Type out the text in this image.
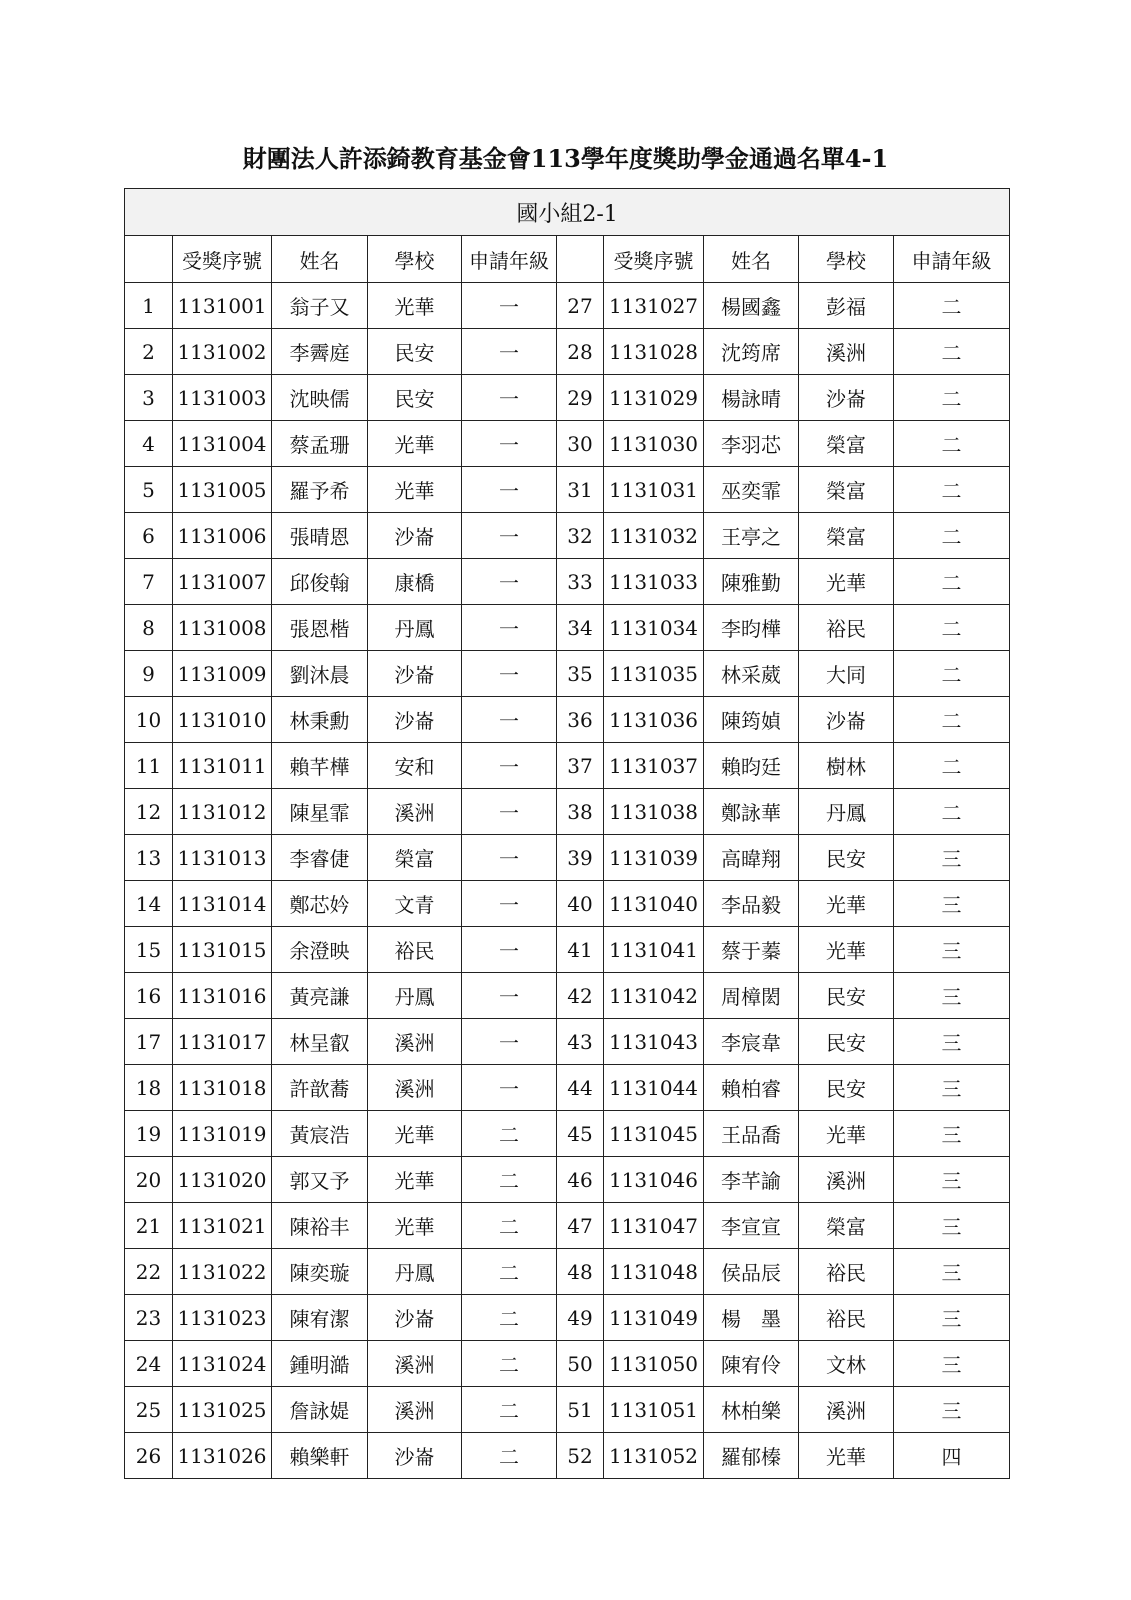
財團法人許添錡教育基金會113學年度獎助學金通過名單4-1
國小組2-1									
	受獎序號	姓名	學校	申請年級		受獎序號	姓名	學校	申請年級
1	1131001	翁子又	光華	一	27	1131027	楊國鑫	彭福	二
2	1131002	李霽庭	民安	一	28	1131028	沈筠席	溪洲	二
3	1131003	沈映儒	民安	一	29	1131029	楊詠晴	沙崙	二
4	1131004	蔡孟珊	光華	一	30	1131030	李羽芯	榮富	二
5	1131005	羅予希	光華	一	31	1131031	巫奕霏	榮富	二
6	1131006	張晴恩	沙崙	一	32	1131032	王亭之	榮富	二
7	1131007	邱俊翰	康橋	一	33	1131033	陳雅勤	光華	二
8	1131008	張恩楷	丹鳳	一	34	1131034	李昀樺	裕民	二
9	1131009	劉沐晨	沙崙	一	35	1131035	林采葳	大同	二
10	1131010	林秉勳	沙崙	一	36	1131036	陳筠媜	沙崙	二
11	1131011	賴芊樺	安和	一	37	1131037	賴昀廷	樹林	二
12	1131012	陳星霏	溪洲	一	38	1131038	鄭詠華	丹鳳	二
13	1131013	李睿倢	榮富	一	39	1131039	高暐翔	民安	三
14	1131014	鄭芯妗	文青	一	40	1131040	李品毅	光華	三
15	1131015	余澄映	裕民	一	41	1131041	蔡于蓁	光華	三
16	1131016	黃亮謙	丹鳳	一	42	1131042	周樟閎	民安	三
17	1131017	林呈叡	溪洲	一	43	1131043	李宸韋	民安	三
18	1131018	許歆蕎	溪洲	一	44	1131044	賴柏睿	民安	三
19	1131019	黃宸浩	光華	二	45	1131045	王品喬	光華	三
20	1131020	郭又予	光華	二	46	1131046	李芊諭	溪洲	三
21	1131021	陳裕丰	光華	二	47	1131047	李宣宣	榮富	三
22	1131022	陳奕璇	丹鳳	二	48	1131048	侯品辰	裕民	三
23	1131023	陳宥潔	沙崙	二	49	1131049	楊　墨	裕民	三
24	1131024	鍾明澔	溪洲	二	50	1131050	陳宥伶	文林	三
25	1131025	詹詠媞	溪洲	二	51	1131051	林柏樂	溪洲	三
26	1131026	賴樂軒	沙崙	二	52	1131052	羅郁榛	光華	四
